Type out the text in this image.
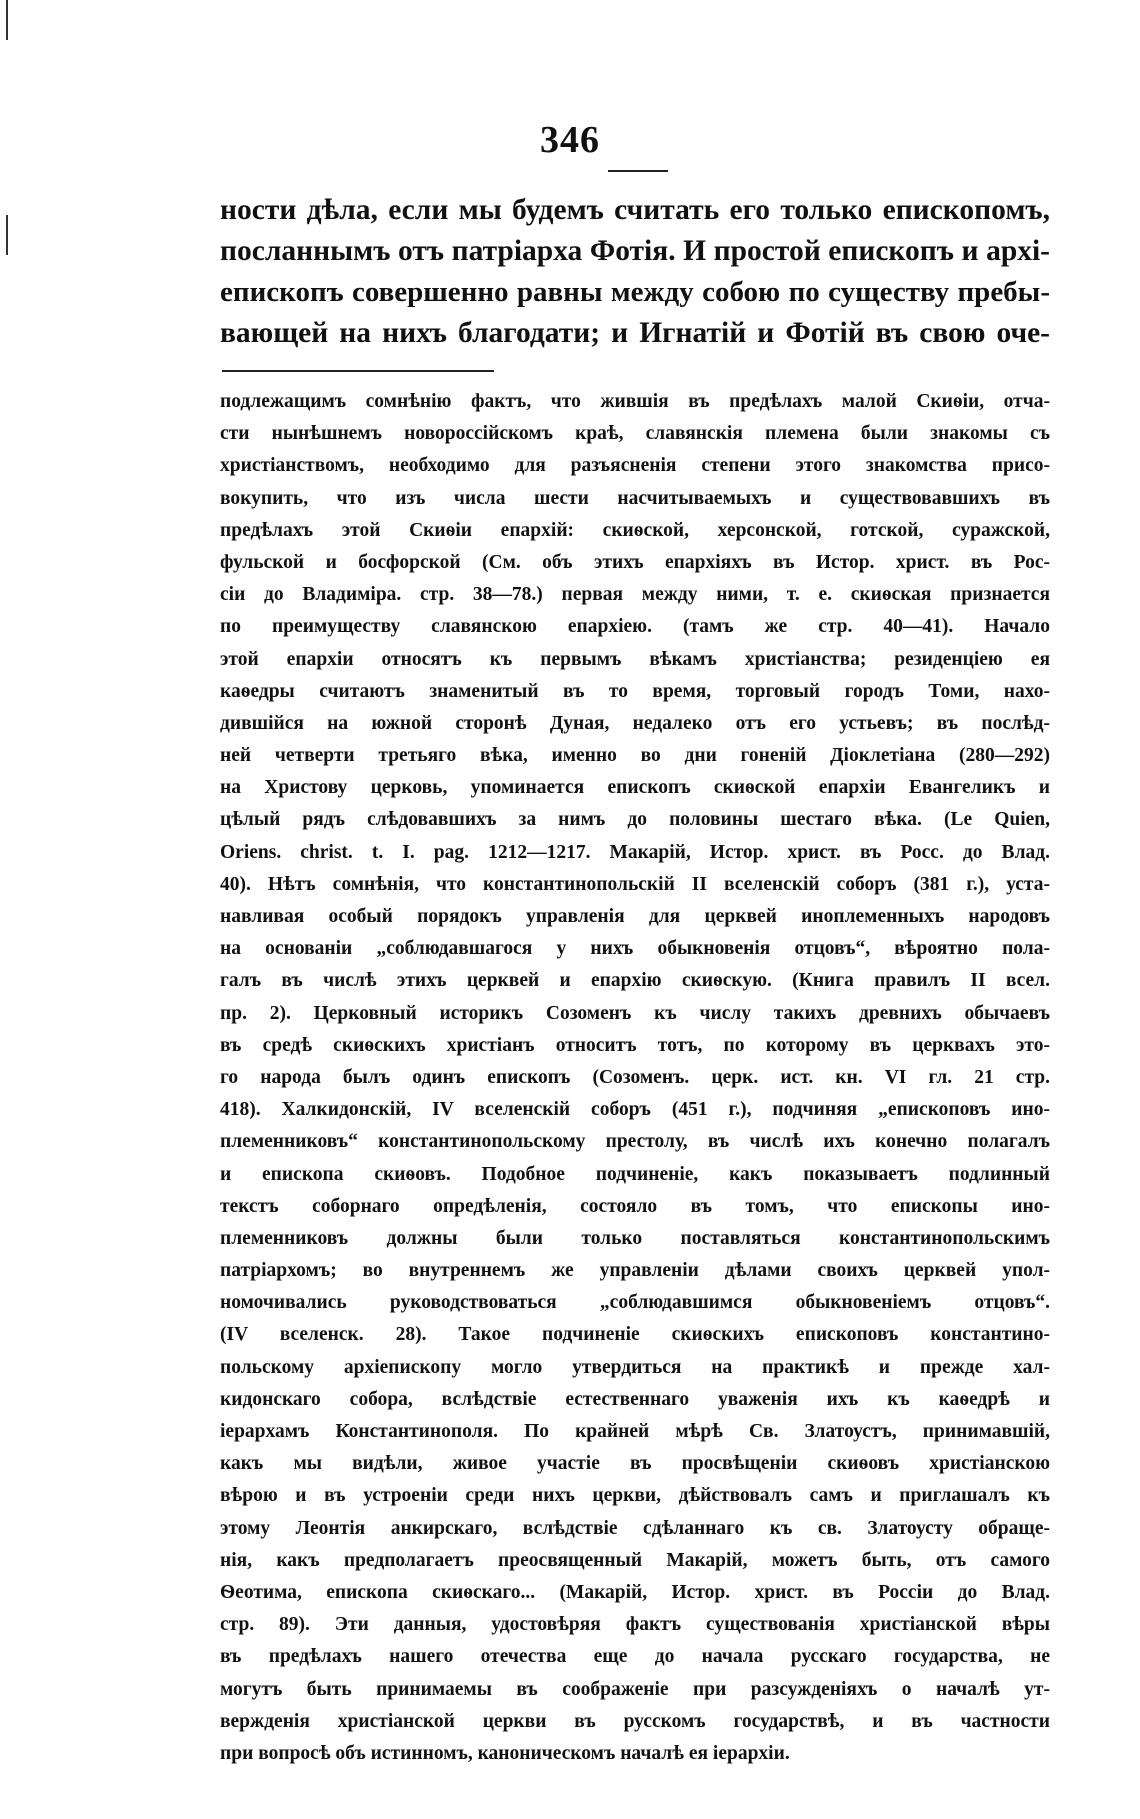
346
ности дѣла, если мы будемъ считать его только епископомъ,
посланнымъ отъ патріарха Фотія. И простой епископъ и архі-
епископъ совершенно равны между собою по существу пребы-
вающей на нихъ благодати; и Игнатій и Фотій въ свою оче-
подлежащимъ сомнѣнію фактъ, что жившія въ предѣлахъ малой Скиѳіи, отча-
сти нынѣшнемъ новороссійскомъ краѣ, славянскія племена были знакомы съ
христіанствомъ, необходимо для разъясненія степени этого знакомства присо-
вокупить, что изъ числа шести насчитываемыхъ и существовавшихъ въ
предѣлахъ этой Скиѳіи епархій: скиѳской, херсонской, готской, суражской,
фульской и босфорской (См. объ этихъ епархіяхъ въ Истор. христ. въ Рос-
сіи до Владиміра. стр. 38—78.) первая между ними, т. е. скиѳская признается
по преимуществу славянскою епархіею. (тамъ же стр. 40—41). Начало
этой епархіи относятъ къ первымъ вѣкамъ христіанства; резиденціею ея
каѳедры считаютъ знаменитый въ то время, торговый городъ Томи, нахо-
дившійся на южной сторонѣ Дуная, недалеко отъ его устьевъ; въ послѣд-
ней четверти третьяго вѣка, именно во дни гоненій Діоклетіана (280—292)
на Христову церковь, упоминается епископъ скиѳской епархіи Евангеликъ и
цѣлый рядъ слѣдовавшихъ за нимъ до половины шестаго вѣка. (Le Quien,
Oriens. christ. t. I. pag. 1212—1217. Макарій, Истор. христ. въ Росс. до Влад.
40). Нѣтъ сомнѣнія, что константинопольскій II вселенскій соборъ (381 г.), уста-
навливая особый порядокъ управленія для церквей иноплеменныхъ народовъ
на основаніи „соблюдавшагося у нихъ обыкновенія отцовъ“, вѣроятно пола-
галъ въ числѣ этихъ церквей и епархію скиѳскую. (Книга правилъ II всел.
пр. 2). Церковный историкъ Созоменъ къ числу такихъ древнихъ обычаевъ
въ средѣ скиѳскихъ христіанъ относитъ тотъ, по которому въ церквахъ это-
го народа былъ одинъ епископъ (Созоменъ. церк. ист. кн. VI гл. 21 стр.
418). Халкидонскій, IV вселенскій соборъ (451 г.), подчиняя „епископовъ ино-
племенниковъ“ константинопольскому престолу, въ числѣ ихъ конечно полагалъ
и епископа скиѳовъ. Подобное подчиненіе, какъ показываетъ подлинный
текстъ соборнаго опредѣленія, состояло въ томъ, что епископы ино-
племенниковъ должны были только поставляться константинопольскимъ
патріархомъ; во внутреннемъ же управленіи дѣлами своихъ церквей упол-
номочивались руководствоваться „соблюдавшимся обыкновеніемъ отцовъ“.
(IV вселенск. 28). Такое подчиненіе скиѳскихъ епископовъ константино-
польскому архіепископу могло утвердиться на практикѣ и прежде хал-
кидонскаго собора, вслѣдствіе естественнаго уваженія ихъ къ каѳедрѣ и
іерархамъ Константинополя. По крайней мѣрѣ Св. Златоустъ, принимавшій,
какъ мы видѣли, живое участіе въ просвѣщеніи скиѳовъ христіанскою
вѣрою и въ устроеніи среди нихъ церкви, дѣйствовалъ самъ и приглашалъ къ
этому Леонтія анкирскаго, вслѣдствіе сдѣланнаго къ св. Златоусту обраще-
нія, какъ предполагаетъ преосвященный Макарій, можетъ быть, отъ самого
Ѳеотима, епископа скиѳскаго... (Макарій, Истор. христ. въ Россіи до Влад.
стр. 89). Эти данныя, удостовѣряя фактъ существованія христіанской вѣры
въ предѣлахъ нашего отечества еще до начала русскаго государства, не
могутъ быть принимаемы въ соображеніе при разсужденіяхъ о началѣ ут-
вержденія христіанской церкви въ русскомъ государствѣ, и въ частности
при вопросѣ объ истинномъ, каноническомъ началѣ ея іерархіи.
